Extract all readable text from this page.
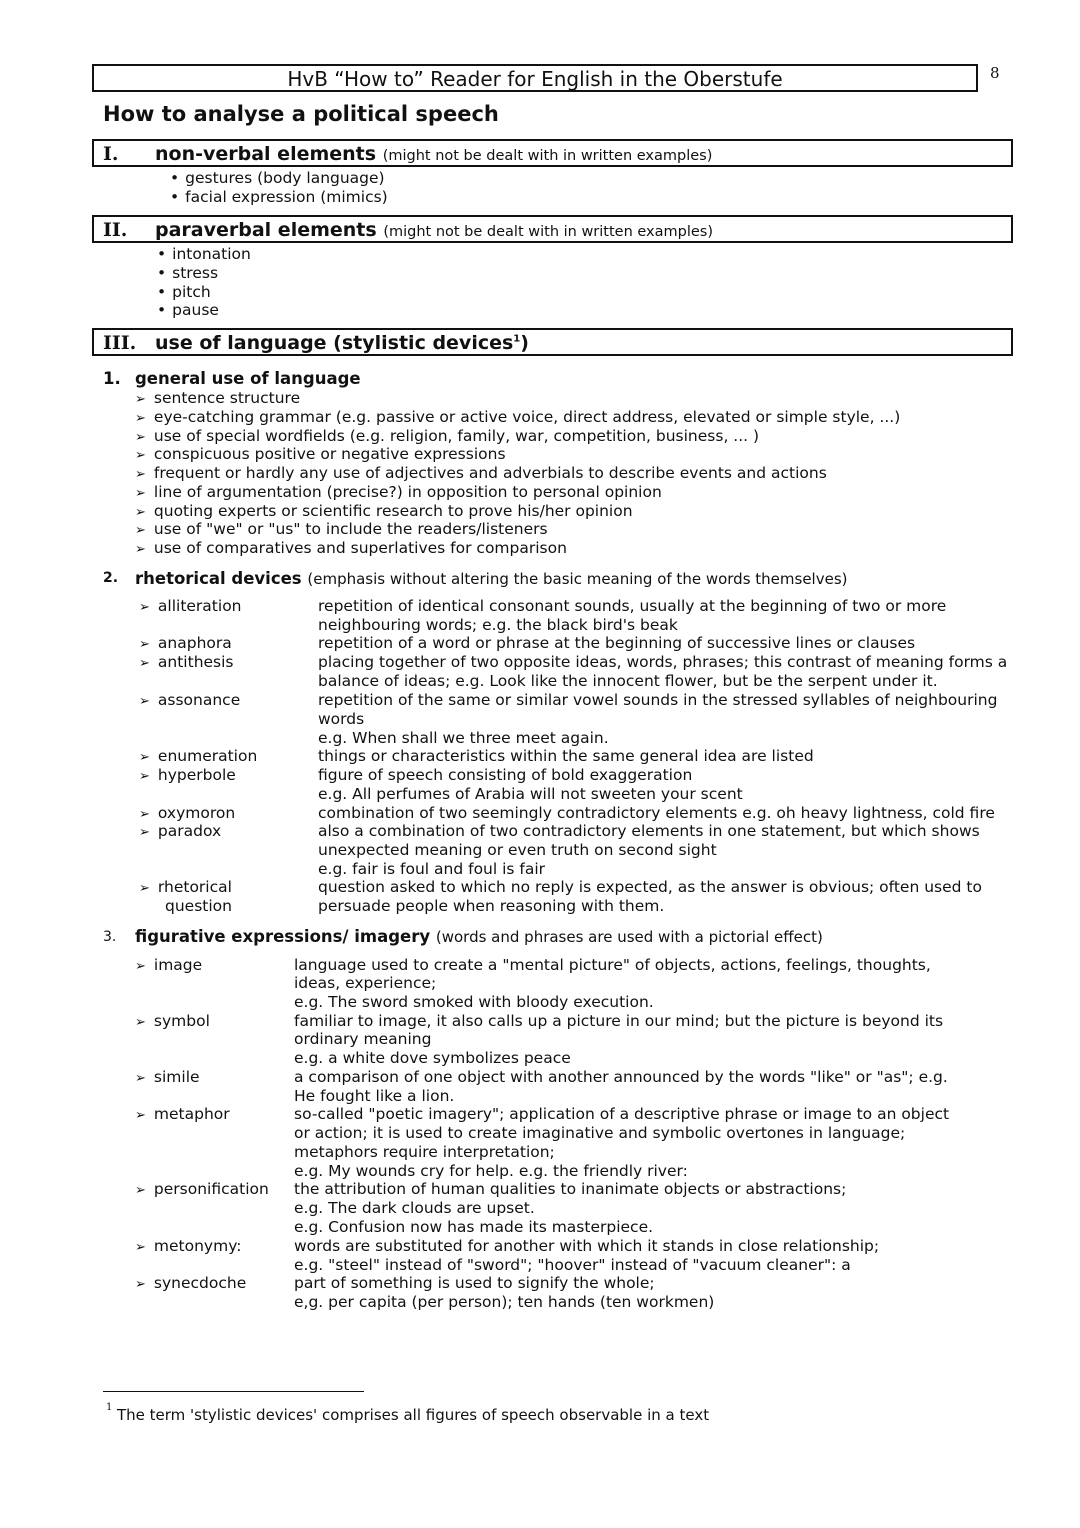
HvB “How to” Reader for English in the Oberstufe	8
How to analyse a political speech
I. non-verbal elements (might not be dealt with in written examples)
• gestures (body language)
• facial expression (mimics)
II. paraverbal elements (might not be dealt with in written examples)
• intonation
• stress
• pitch
• pause
III. use of language (stylistic devices$^1$)
1. general use of language
➢ sentence structure
➢ eye-catching grammar (e.g. passive or active voice, direct address, elevated or simple style, ...)
➢ use of special wordfields (e.g. religion, family, war, competition, business, ... )
➢ conspicuous positive or negative expressions
➢ frequent or hardly any use of adjectives and adverbials to describe events and actions
➢ line of argumentation (precise?) in opposition to personal opinion
➢ quoting experts or scientific research to prove his/her opinion
➢ use of "we" or "us" to include the readers/listeners
➢ use of comparatives and superlatives for comparison
2. rhetorical devices (emphasis without altering the basic meaning of the words themselves)
➢ alliteration
➢ anaphora
➢ antithesis
➢ assonance
➢ enumeration
➢ hyperbole
➢ oxymoron
➢ paradox
➢ rhetorical
question
repetition of identical consonant sounds, usually at the beginning of two or more
neighbouring words; e.g. the black bird's beak
repetition of a word or phrase at the beginning of successive lines or clauses
placing together of two opposite ideas, words, phrases; this contrast of meaning forms a
balance of ideas; e.g. Look like the innocent flower, but be the serpent under it.
repetition of the same or similar vowel sounds in the stressed syllables of neighbouring
words
e.g. When shall we three meet again.
things or characteristics within the same general idea are listed
figure of speech consisting of bold exaggeration
e.g. All perfumes of Arabia will not sweeten your scent
combination of two seemingly contradictory elements e.g. oh heavy lightness, cold fire
also a combination of two contradictory elements in one statement, but which shows
unexpected meaning or even truth on second sight
e.g. fair is foul and foul is fair
question asked to which no reply is expected, as the answer is obvious; often used to
persuade people when reasoning with them.
3. figurative expressions/ imagery (words and phrases are used with a pictorial effect)
➢ image
➢ symbol
➢ simile
➢ metaphor
➢ personification
➢ metonymy:
➢ synecdoche
language used to create a "mental picture" of objects, actions, feelings, thoughts,
ideas, experience;
e.g. The sword smoked with bloody execution.
familiar to image, it also calls up a picture in our mind; but the picture is beyond its
ordinary meaning
e.g. a white dove symbolizes peace
a comparison of one object with another announced by the words "like" or "as"; e.g.
He fought like a lion.
so-called "poetic imagery"; application of a descriptive phrase or image to an object
or action; it is used to create imaginative and symbolic overtones in language;
metaphors require interpretation;
e.g. My wounds cry for help. e.g. the friendly river:
the attribution of human qualities to inanimate objects or abstractions;
e.g. The dark clouds are upset.
e.g. Confusion now has made its masterpiece.
words are substituted for another with which it stands in close relationship;
e.g. "steel" instead of "sword"; "hoover" instead of "vacuum cleaner": a
part of something is used to signify the whole;
e,g. per capita (per person); ten hands (ten workmen)
1 The term 'stylistic devices' comprises all figures of speech observable in a text
